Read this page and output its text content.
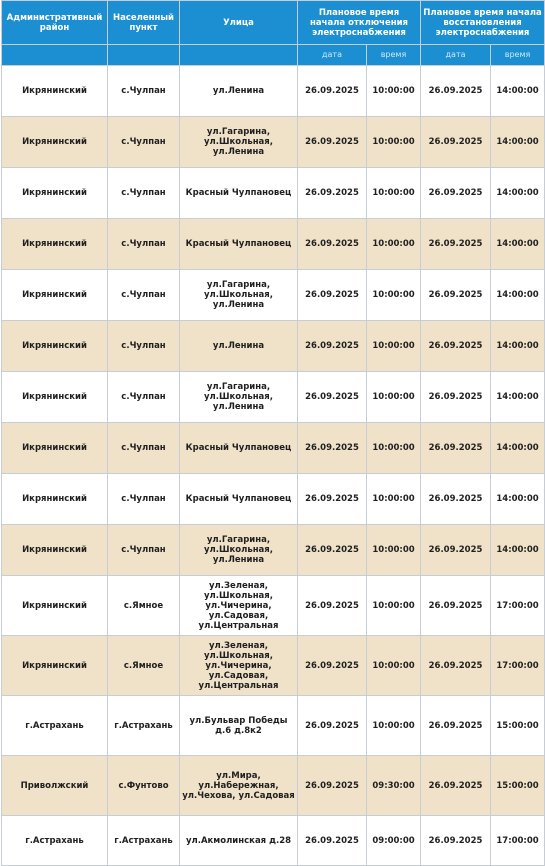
Административный район	Населенный пункт	Улица	Плановое время начала отключения электроснабжения		Плановое время начала восстановления электроснабжения	
			дата	время	дата	время
Икрянинский	с.Чулпан	ул.Ленина	26.09.2025	10:00:00	26.09.2025	14:00:00
Икрянинский	с.Чулпан	ул.Гагарина, ул.Школьная, ул.Ленина	26.09.2025	10:00:00	26.09.2025	14:00:00
Икрянинский	с.Чулпан	Красный Чулпановец	26.09.2025	10:00:00	26.09.2025	14:00:00
Икрянинский	с.Чулпан	Красный Чулпановец	26.09.2025	10:00:00	26.09.2025	14:00:00
Икрянинский	с.Чулпан	ул.Гагарина, ул.Школьная, ул.Ленина	26.09.2025	10:00:00	26.09.2025	14:00:00
Икрянинский	с.Чулпан	ул.Ленина	26.09.2025	10:00:00	26.09.2025	14:00:00
Икрянинский	с.Чулпан	ул.Гагарина, ул.Школьная, ул.Ленина	26.09.2025	10:00:00	26.09.2025	14:00:00
Икрянинский	с.Чулпан	Красный Чулпановец	26.09.2025	10:00:00	26.09.2025	14:00:00
Икрянинский	с.Чулпан	Красный Чулпановец	26.09.2025	10:00:00	26.09.2025	14:00:00
Икрянинский	с.Чулпан	ул.Гагарина, ул.Школьная, ул.Ленина	26.09.2025	10:00:00	26.09.2025	14:00:00
Икрянинский	с.Ямное	ул.Зеленая, ул.Школьная, ул.Чичерина, ул.Садовая, ул.Центральная	26.09.2025	10:00:00	26.09.2025	17:00:00
Икрянинский	с.Ямное	ул.Зеленая, ул.Школьная, ул.Чичерина, ул.Садовая, ул.Центральная	26.09.2025	10:00:00	26.09.2025	17:00:00
г.Астрахань	г.Астрахань	ул.Бульвар Победы д.6 д.8к2	26.09.2025	10:00:00	26.09.2025	15:00:00
Приволжский	с.Фунтово	ул.Мира, ул.Набережная, ул.Чехова, ул.Садовая	26.09.2025	09:30:00	26.09.2025	15:00:00
г.Астрахань	г.Астрахань	ул.Акмолинская д.28	26.09.2025	09:00:00	26.09.2025	17:00:00
